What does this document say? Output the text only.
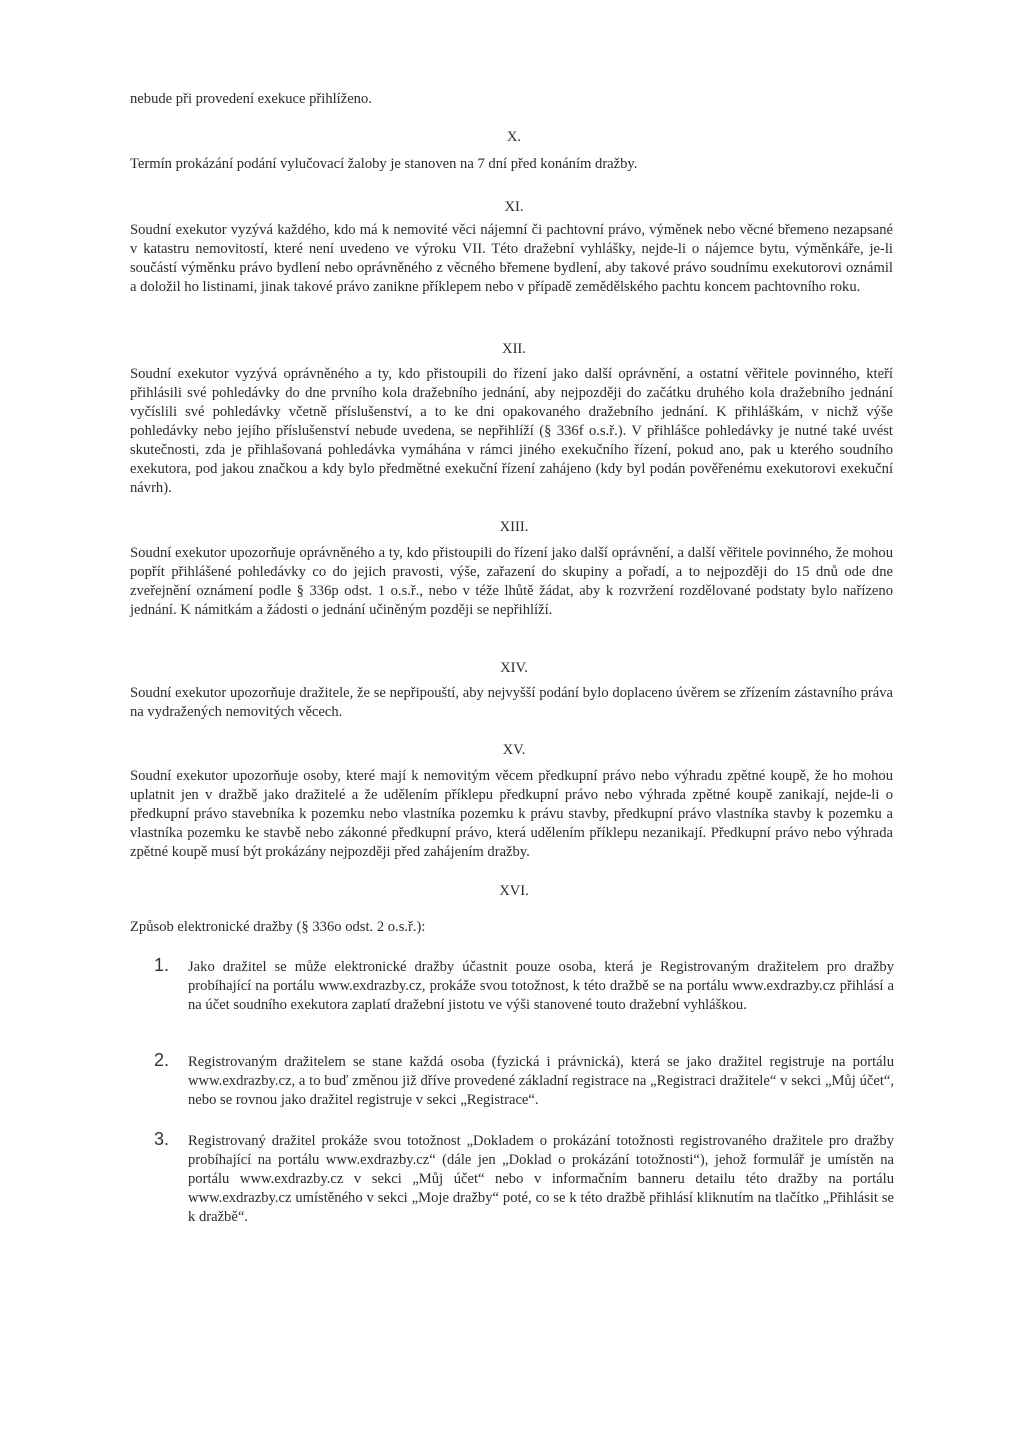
nebude při provedení exekuce přihlíženo.

X.

Termín prokázání podání vylučovací žaloby je stanoven na 7 dní před konáním dražby.

XI.

Soudní exekutor vyzývá každého, kdo má k nemovité věci nájemní či pachtovní právo, výměnek nebo věcné břemeno nezapsané v katastru nemovitostí, které není uvedeno ve výroku VII. Této dražební vyhlášky, nejde-li o nájemce bytu, výměnkáře, je-li součástí výměnku právo bydlení nebo oprávněného z věcného břemene bydlení, aby takové právo soudnímu exekutorovi oznámil a doložil ho listinami, jinak takové právo zanikne příklepem nebo v případě zemědělského pachtu koncem pachtovního roku.

XII.

Soudní exekutor vyzývá oprávněného a ty, kdo přistoupili do řízení jako další oprávnění, a ostatní věřitele povinného, kteří přihlásili své pohledávky do dne prvního kola dražebního jednání, aby nejpozději do začátku druhého kola dražebního jednání vyčíslili své pohledávky včetně příslušenství, a to ke dni opakovaného dražebního jednání. K přihláškám, v nichž výše pohledávky nebo jejího příslušenství nebude uvedena, se nepřihlíží (§ 336f o.s.ř.). V přihlášce pohledávky je nutné také uvést skutečnosti, zda je přihlašovaná pohledávka vymáhána v rámci jiného exekučního řízení, pokud ano, pak u kterého soudního exekutora, pod jakou značkou a kdy bylo předmětné exekuční řízení zahájeno (kdy byl podán pověřenému exekutorovi exekuční návrh).

XIII.

Soudní exekutor upozorňuje oprávněného a ty, kdo přistoupili do řízení jako další oprávnění, a další věřitele povinného, že mohou popřít přihlášené pohledávky co do jejich pravosti, výše, zařazení do skupiny a pořadí, a to nejpozději do 15 dnů ode dne zveřejnění oznámení podle § 336p odst. 1 o.s.ř., nebo v téže lhůtě žádat, aby k rozvržení rozdělované podstaty bylo nařízeno jednání. K námitkám a žádosti o jednání učiněným později se nepřihlíží.

XIV.

Soudní exekutor upozorňuje dražitele, že se nepřipouští, aby nejvyšší podání bylo doplaceno úvěrem se zřízením zástavního práva na vydražených nemovitých věcech.

XV.

Soudní exekutor upozorňuje osoby, které mají k nemovitým věcem předkupní právo nebo výhradu zpětné koupě, že ho mohou uplatnit jen v dražbě jako dražitelé a že udělením příklepu předkupní právo nebo výhrada zpětné koupě zanikají, nejde-li o předkupní právo stavebníka k pozemku nebo vlastníka pozemku k právu stavby, předkupní právo vlastníka stavby k pozemku a vlastníka pozemku ke stavbě nebo zákonné předkupní právo, která udělením příklepu nezanikají. Předkupní právo nebo výhrada zpětné koupě musí být prokázány nejpozději před zahájením dražby.

XVI.

Způsob elektronické dražby (§ 336o odst. 2 o.s.ř.):

1. Jako dražitel se může elektronické dražby účastnit pouze osoba, která je Registrovaným dražitelem pro dražby probíhající na portálu www.exdrazby.cz, prokáže svou totožnost, k této dražbě se na portálu www.exdrazby.cz přihlásí a na účet soudního exekutora zaplatí dražební jistotu ve výši stanovené touto dražební vyhláškou.

2. Registrovaným dražitelem se stane každá osoba (fyzická i právnická), která se jako dražitel registruje na portálu www.exdrazby.cz, a to buď změnou již dříve provedené základní registrace na „Registraci dražitele“ v sekci „Můj účet“, nebo se rovnou jako dražitel registruje v sekci „Registrace“.

3. Registrovaný dražitel prokáže svou totožnost „Dokladem o prokázání totožnosti registrovaného dražitele pro dražby probíhající na portálu www.exdrazby.cz“ (dále jen „Doklad o prokázání totožnosti“), jehož formulář je umístěn na portálu www.exdrazby.cz v sekci „Můj účet“ nebo v informačním banneru detailu této dražby na portálu www.exdrazby.cz umístěného v sekci „Moje dražby“ poté, co se k této dražbě přihlásí kliknutím na tlačítko „Přihlásit se k dražbě“.
